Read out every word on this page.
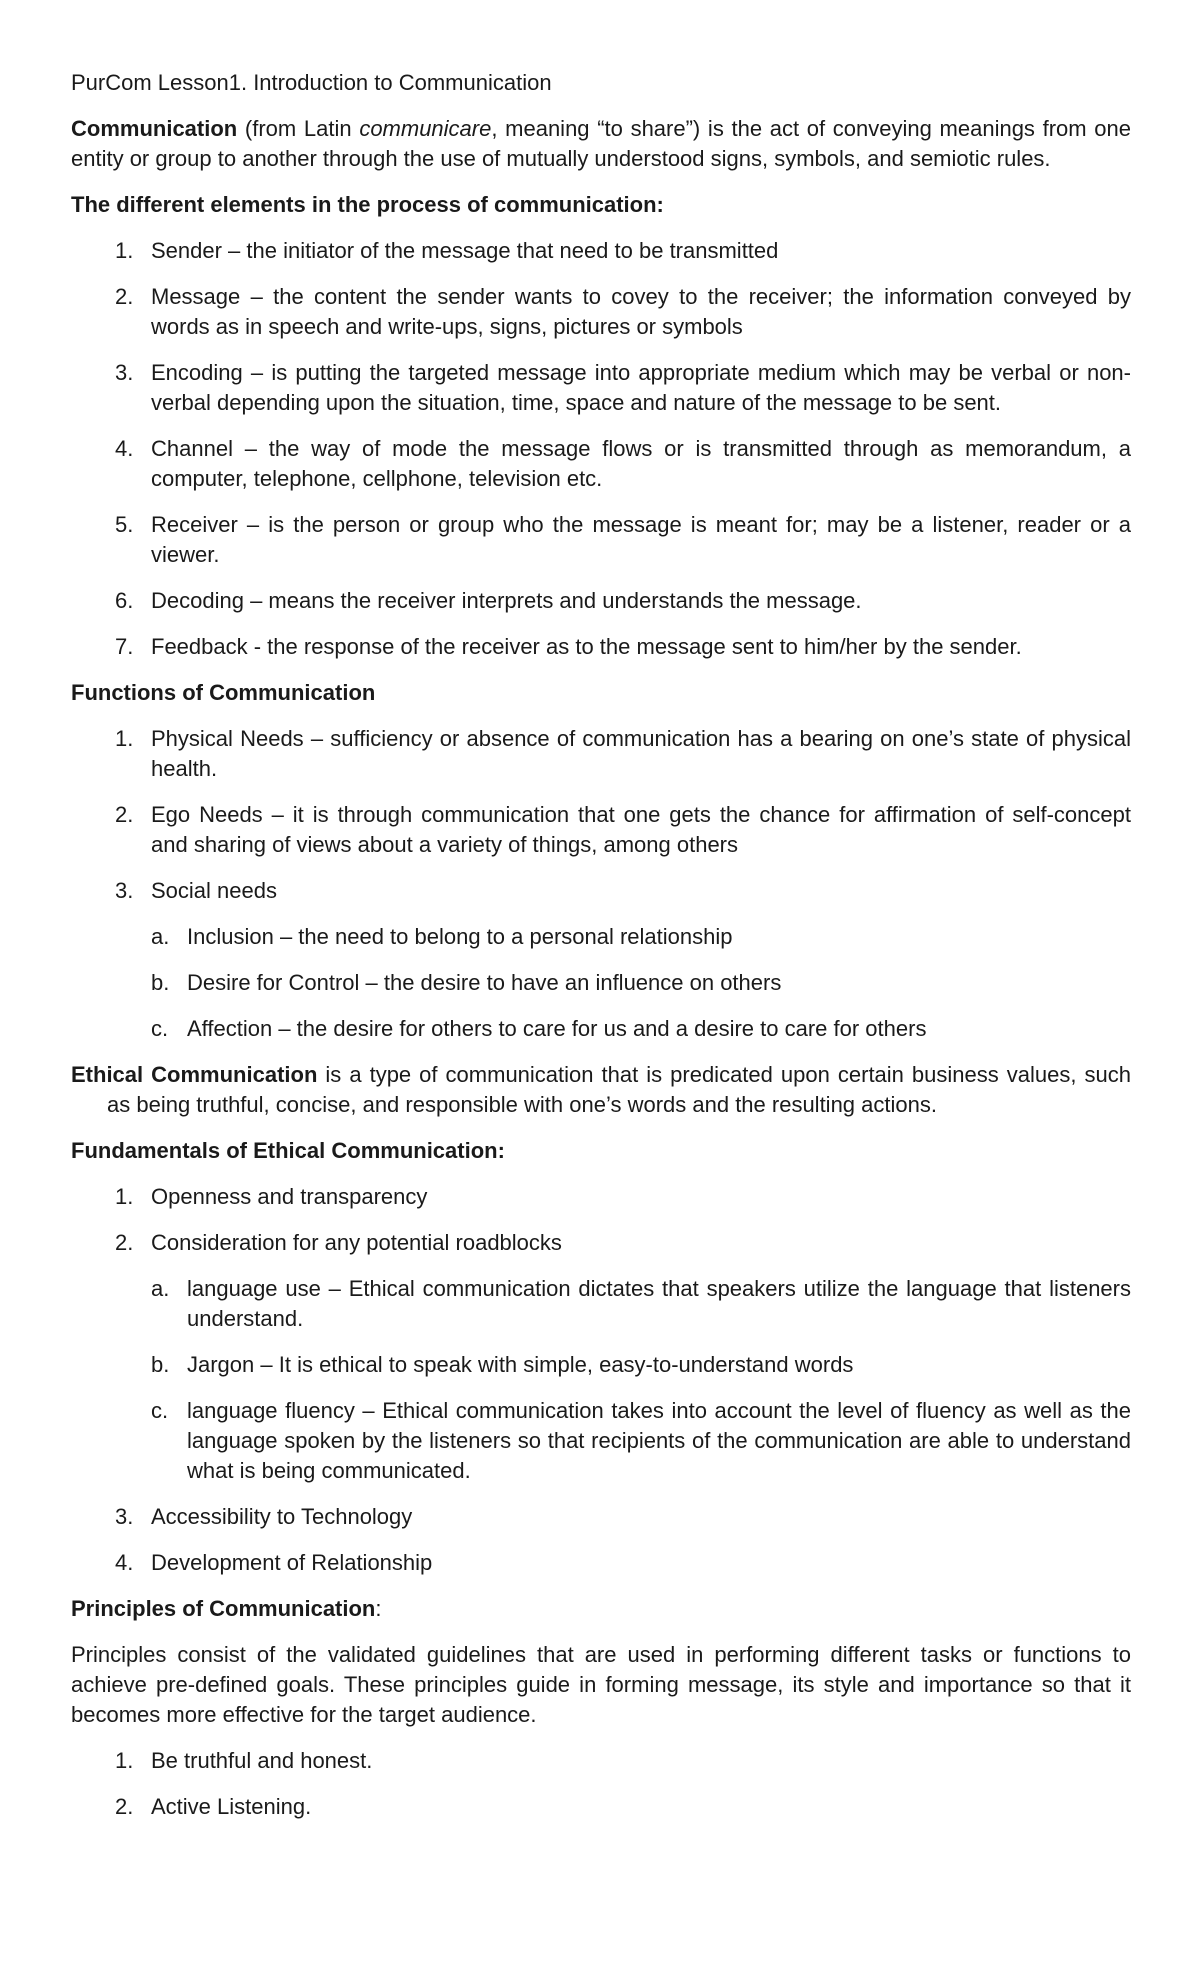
PurCom Lesson1. Introduction to Communication

Communication (from Latin communicare, meaning “to share”) is the act of conveying meanings from one entity or group to another through the use of mutually understood signs, symbols, and semiotic rules.

The different elements in the process of communication:

1. Sender – the initiator of the message that need to be transmitted
2. Message – the content the sender wants to covey to the receiver; the information conveyed by words as in speech and write-ups, signs, pictures or symbols
3. Encoding – is putting the targeted message into appropriate medium which may be verbal or non-verbal depending upon the situation, time, space and nature of the message to be sent.
4. Channel – the way of mode the message flows or is transmitted through as memorandum, a computer, telephone, cellphone, television etc.
5. Receiver – is the person or group who the message is meant for; may be a listener, reader or a viewer.
6. Decoding – means the receiver interprets and understands the message.
7. Feedback - the response of the receiver as to the message sent to him/her by the sender.

Functions of Communication

1. Physical Needs – sufficiency or absence of communication has a bearing on one’s state of physical health.
2. Ego Needs – it is through communication that one gets the chance for affirmation of self-concept and sharing of views about a variety of things, among others
3. Social needs
a. Inclusion – the need to belong to a personal relationship
b. Desire for Control – the desire to have an influence on others
c. Affection – the desire for others to care for us and a desire to care for others

Ethical Communication is a type of communication that is predicated upon certain business values, such as being truthful, concise, and responsible with one’s words and the resulting actions.

Fundamentals of Ethical Communication:

1. Openness and transparency
2. Consideration for any potential roadblocks
a. language use – Ethical communication dictates that speakers utilize the language that listeners understand.
b. Jargon – It is ethical to speak with simple, easy-to-understand words
c. language fluency – Ethical communication takes into account the level of fluency as well as the language spoken by the listeners so that recipients of the communication are able to understand what is being communicated.
3. Accessibility to Technology
4. Development of Relationship

Principles of Communication:

Principles consist of the validated guidelines that are used in performing different tasks or functions to achieve pre-defined goals. These principles guide in forming message, its style and importance so that it becomes more effective for the target audience.

1. Be truthful and honest.
2. Active Listening.
